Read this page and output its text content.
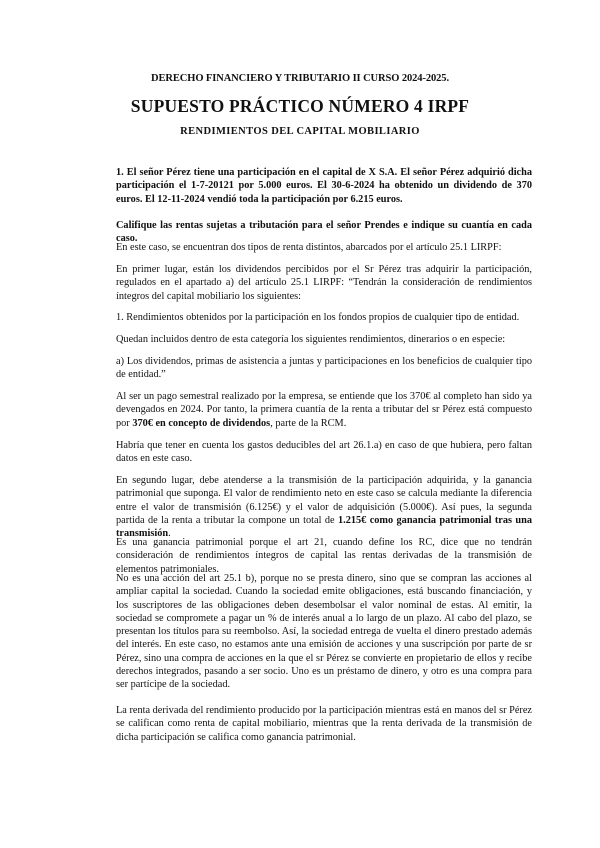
DERECHO FINANCIERO Y TRIBUTARIO II CURSO 2024-2025.
SUPUESTO PRÁCTICO NÚMERO 4 IRPF
RENDIMIENTOS DEL CAPITAL MOBILIARIO

1. El señor Pérez tiene una participación en el capital de X S.A. El señor Pérez adquirió dicha participación el 1-7-20121 por 5.000 euros. El 30-6-2024 ha obtenido un dividendo de 370 euros. El 12-11-2024 vendió toda la participación por 6.215 euros.

Califique las rentas sujetas a tributación para el señor Prendes e indique su cuantía en cada caso.

En este caso, se encuentran dos tipos de renta distintos, abarcados por el artículo 25.1 LIRPF:

En primer lugar, están los dividendos percibidos por el Sr Pérez tras adquirir la participación, regulados en el apartado a) del artículo 25.1 LIRPF: “Tendrán la consideración de rendimientos íntegros del capital mobiliario los siguientes:

1. Rendimientos obtenidos por la participación en los fondos propios de cualquier tipo de entidad.

Quedan incluidos dentro de esta categoría los siguientes rendimientos, dinerarios o en especie:

a) Los dividendos, primas de asistencia a juntas y participaciones en los beneficios de cualquier tipo de entidad.”

Al ser un pago semestral realizado por la empresa, se entiende que los 370€ al completo han sido ya devengados en 2024. Por tanto, la primera cuantía de la renta a tributar del sr Pérez está compuesto por 370€ en concepto de dividendos, parte de la RCM.

Habría que tener en cuenta los gastos deducibles del art 26.1.a) en caso de que hubiera, pero faltan datos en este caso.

En segundo lugar, debe atenderse a la transmisión de la participación adquirida, y la ganancia patrimonial que suponga. El valor de rendimiento neto en este caso se calcula mediante la diferencia entre el valor de transmisión (6.125€) y el valor de adquisición (5.000€). Así pues, la segunda partida de la renta a tributar la compone un total de 1.215€ como ganancia patrimonial tras una transmisión.

Es una ganancia patrimonial porque el art 21, cuando define los RC, dice que no tendrán consideración de rendimientos íntegros de capital las rentas derivadas de la transmisión de elementos patrimoniales.

No es una acción del art 25.1 b), porque no se presta dinero, sino que se compran las acciones al ampliar capital la sociedad. Cuando la sociedad emite obligaciones, está buscando financiación, y los suscriptores de las obligaciones deben desembolsar el valor nominal de estas. Al emitir, la sociedad se compromete a pagar un % de interés anual a lo largo de un plazo. Al cabo del plazo, se presentan los títulos para su reembolso. Así, la sociedad entrega de vuelta el dinero prestado además del interés. En este caso, no estamos ante una emisión de acciones y una suscripción por parte de sr Pérez, sino una compra de acciones en la que el sr Pérez se convierte en propietario de ellos y recibe derechos integrados, pasando a ser socio. Uno es un préstamo de dinero, y otro es una compra para ser partícipe de la sociedad.

La renta derivada del rendimiento producido por la participación mientras está en manos del sr Pérez se califican como renta de capital mobiliario, mientras que la renta derivada de la transmisión de dicha participación se califica como ganancia patrimonial.
